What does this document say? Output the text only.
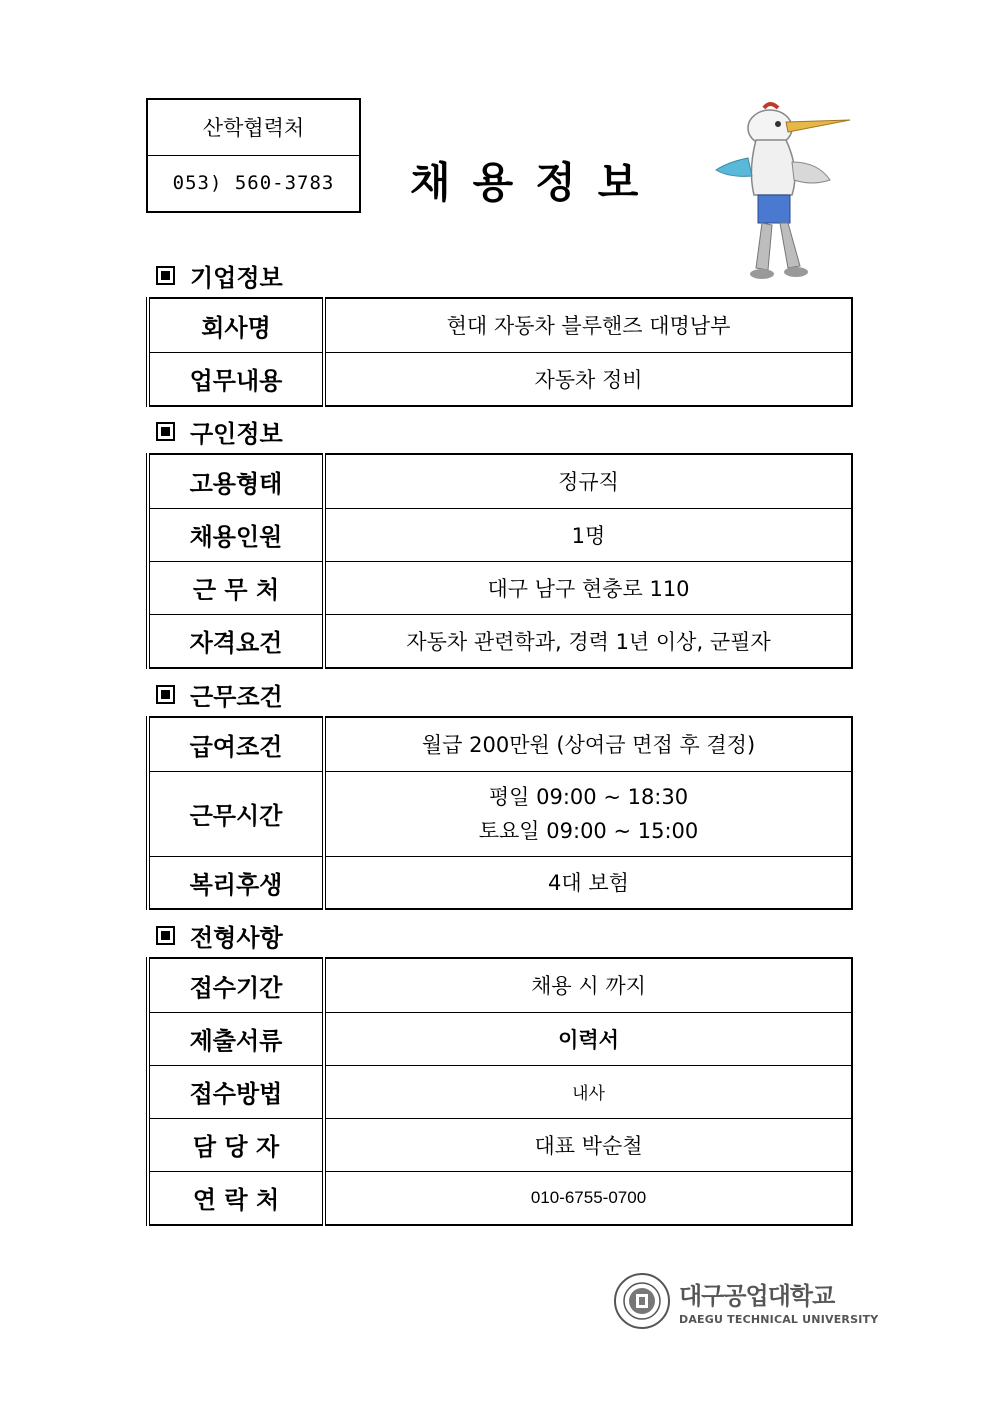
산학협력처
053) 560-3783	채용정보
기업정보
회사명	현대 자동차 블루핸즈 대명남부
업무내용	자동차 정비
구인정보
고용형태	정규직
채용인원	1명
근 무 처	대구 남구 현충로 110
자격요건	자동차 관련학과, 경력 1년 이상, 군필자
근무조건
급여조건	월급 200만원 (상여금 면접 후 결정)
근무시간	평일 09:00 ~ 18:30
토요일 09:00 ~ 15:00

복리후생	4대 보험
전형사항
접수기간	채용 시 까지
제출서류	이력서
접수방법	내사
담 당 자	대표 박순철
연 락 처	010-6755-0700
대구공업대학교
DAEGU TECHNICAL UNIVERSITY
